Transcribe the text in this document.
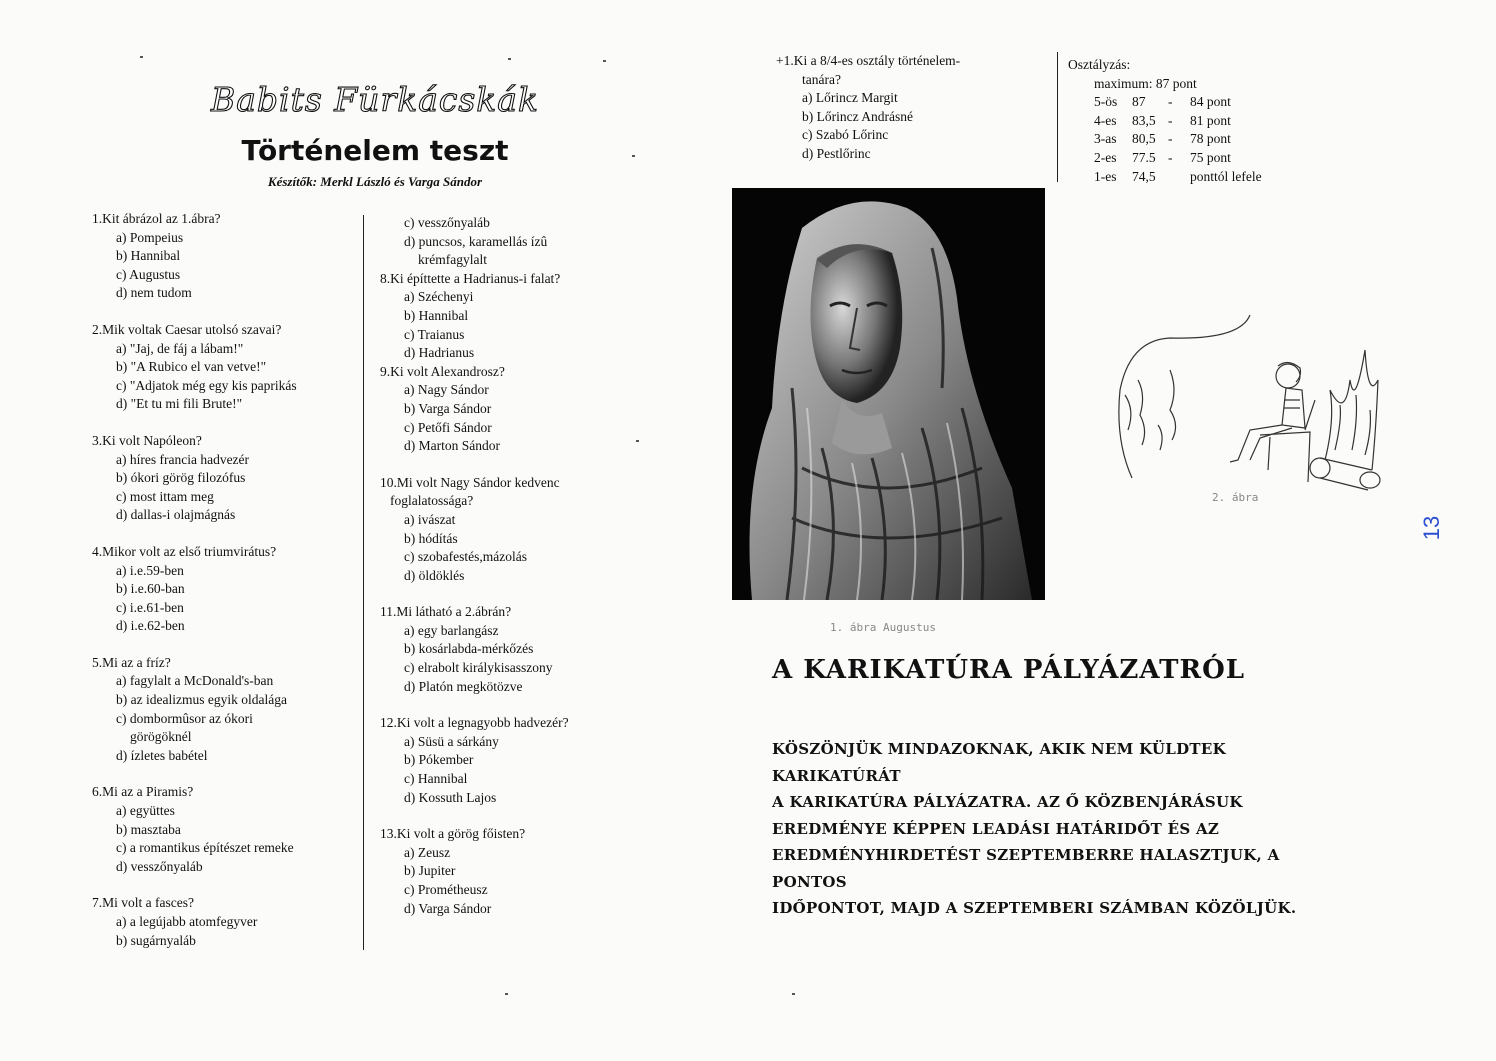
Babits Fürkácskák
Történelem teszt
Készítők: Merkl László és Varga Sándor
1.Kit ábrázol az 1.ábra?
a) Pompeius
b) Hannibal
c) Augustus
d) nem tudom
2.Mik voltak Caesar utolsó szavai?
a) "Jaj, de fáj a lábam!"
b) "A Rubico el van vetve!"
c) "Adjatok még egy kis paprikás
d) "Et tu mi fili Brute!"
3.Ki volt Napóleon?
a) híres francia hadvezér
b) ókori görög filozófus
c) most ittam meg
d) dallas-i olajmágnás
4.Mikor volt az első triumvirátus?
a) i.e.59-ben
b) i.e.60-ban
c) i.e.61-ben
d) i.e.62-ben
5.Mi az a fríz?
a) fagylalt a McDonald's-ban
b) az idealizmus egyik oldalága
c) dombormûsor az ókori
görögöknél
d) ízletes babétel
6.Mi az a Piramis?
a) együttes
b) masztaba
c) a romantikus építészet remeke
d) vesszőnyaláb
7.Mi volt a fasces?
a) a legújabb atomfegyver
b) sugárnyaláb
c) vesszőnyaláb
d) puncsos, karamellás ízû
krémfagylalt
8.Ki építtette a Hadrianus-i falat?
a) Széchenyi
b) Hannibal
c) Traianus
d) Hadrianus
9.Ki volt Alexandrosz?
a) Nagy Sándor
b) Varga Sándor
c) Petőfi Sándor
d) Marton Sándor
10.Mi volt Nagy Sándor kedvenc
foglalatossága?
a) ivászat
b) hódítás
c) szobafestés,mázolás
d) öldöklés
11.Mi látható a 2.ábrán?
a) egy barlangász
b) kosárlabda-mérkőzés
c) elrabolt királykisasszony
d) Platón megkötözve
12.Ki volt a legnagyobb hadvezér?
a) Süsü a sárkány
b) Pókember
c) Hannibal
d) Kossuth Lajos
13.Ki volt a görög főisten?
a) Zeusz
b) Jupiter
c) Prométheusz
d) Varga Sándor
+1.Ki a 8/4-es osztály történelem-
tanára?
a) Lőrincz Margit
b) Lőrincz Andrásné
c) Szabó Lőrinc
d) Pestlőrinc
Osztályzás:
maximum: 87 pont
5-ös 87 - 84 pont
4-es 83,5 - 81 pont
3-as 80,5 - 78 pont
2-es 77.5 - 75 pont
1-es 74,5	ponttól lefele
1. ábra Augustus
2. ábra
A KARIKATÚRA PÁLYÁZATRÓL
KÖSZÖNJÜK MINDAZOKNAK, AKIK NEM KÜLDTEK KARIKATÚRÁT
A KARIKATÚRA PÁLYÁZATRA. AZ Ő KÖZBENJÁRÁSUK
EREDMÉNYE KÉPPEN LEADÁSI HATÁRIDŐT ÉS AZ
EREDMÉNYHIRDETÉST SZEPTEMBERRE HALASZTJUK, A PONTOS
IDŐPONTOT, MAJD A SZEPTEMBERI SZÁMBAN KÖZÖLJÜK.
13
